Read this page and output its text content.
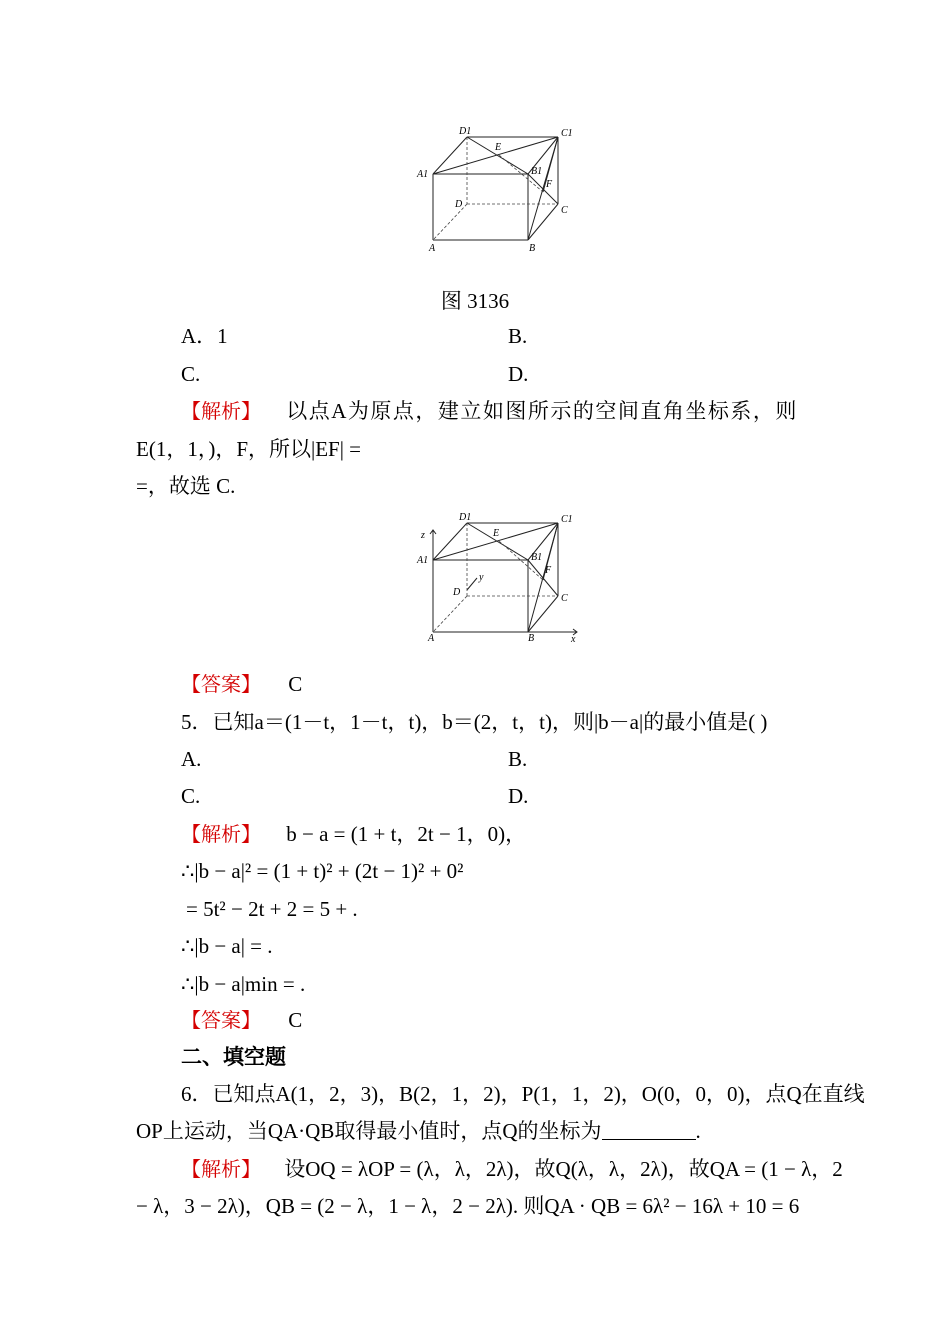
D1	C1
E
A1	B1
F
D
C
A	B
图 3136
A．1	B.
C.	D.
【解析】 以点A为原点，建立如图所示的空间直角坐标系，则
E(1，1，)，F，所以|EF| =
=，故选 C.
z
D1	C1
E
A1	B1
F
D
y
C
A	B	x
【答案】 C
5．已知a＝(1－t，1－t，t)，b＝(2，t，t)，则|b－a|的最小值是( )
A.	B.
C.	D.
【解析】 b − a = (1 + t，2t − 1，0)，
∴|b − a|² = (1 + t)² + (2t − 1)² + 0²
= 5t² − 2t + 2 = 5 + .
∴|b − a| = .
∴|b − a|min = .
【答案】 C
二、填空题
6．已知点A(1，2，3)，B(2，1，2)，P(1，1，2)，O(0，0，0)，点Q在直线
OP上运动，当QA·QB取得最小值时，点Q的坐标为	.
【解析】 设OQ = λOP = (λ，λ，2λ)，故Q(λ，λ，2λ)，故QA = (1 − λ，2
− λ，3 − 2λ)，QB = (2 − λ，1 − λ，2 − 2λ). 则QA · QB = 6λ² − 16λ + 10 = 6
